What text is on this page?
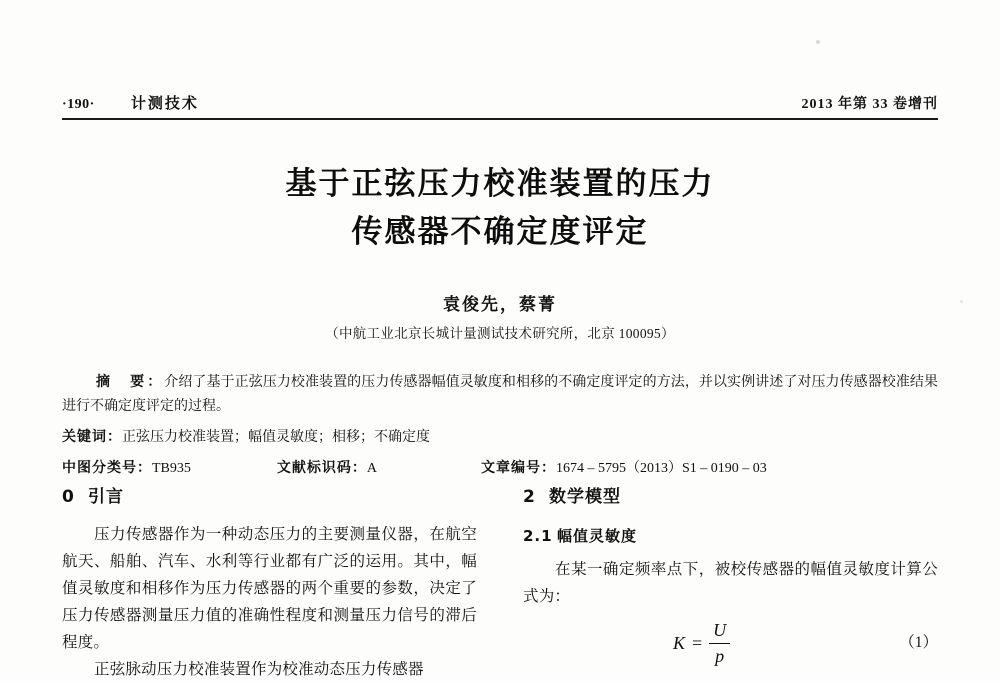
·190· 计测技术	2013 年第 33 卷增刊
基于正弦压力校准装置的压力
传感器不确定度评定
袁俊先，蔡菁
（中航工业北京长城计量测试技术研究所，北京 100095）
摘　要：介绍了基于正弦压力校准装置的压力传感器幅值灵敏度和相移的不确定度评定的方法，并以实例讲述了对压力传感器校准结果进行不确定度评定的过程。
关键词：正弦压力校准装置；幅值灵敏度；相移；不确定度
中图分类号：TB935	文献标识码：A	文章编号：1674 – 5795（2013）S1 – 0190 – 03
0 引言

压力传感器作为一种动态压力的主要测量仪器，在航空航天、船舶、汽车、水利等行业都有广泛的运用。其中，幅值灵敏度和相移作为压力传感器的两个重要的参数，决定了压力传感器测量压力值的准确性程度和测量压力信号的滞后程度。

正弦脉动压力校准装置作为校准动态压力传感器

2 数学模型
2.1 幅值灵敏度

在某一确定频率点下，被校传感器的幅值灵敏度计算公式为：

$K = \frac{U}{p}$	（1）
